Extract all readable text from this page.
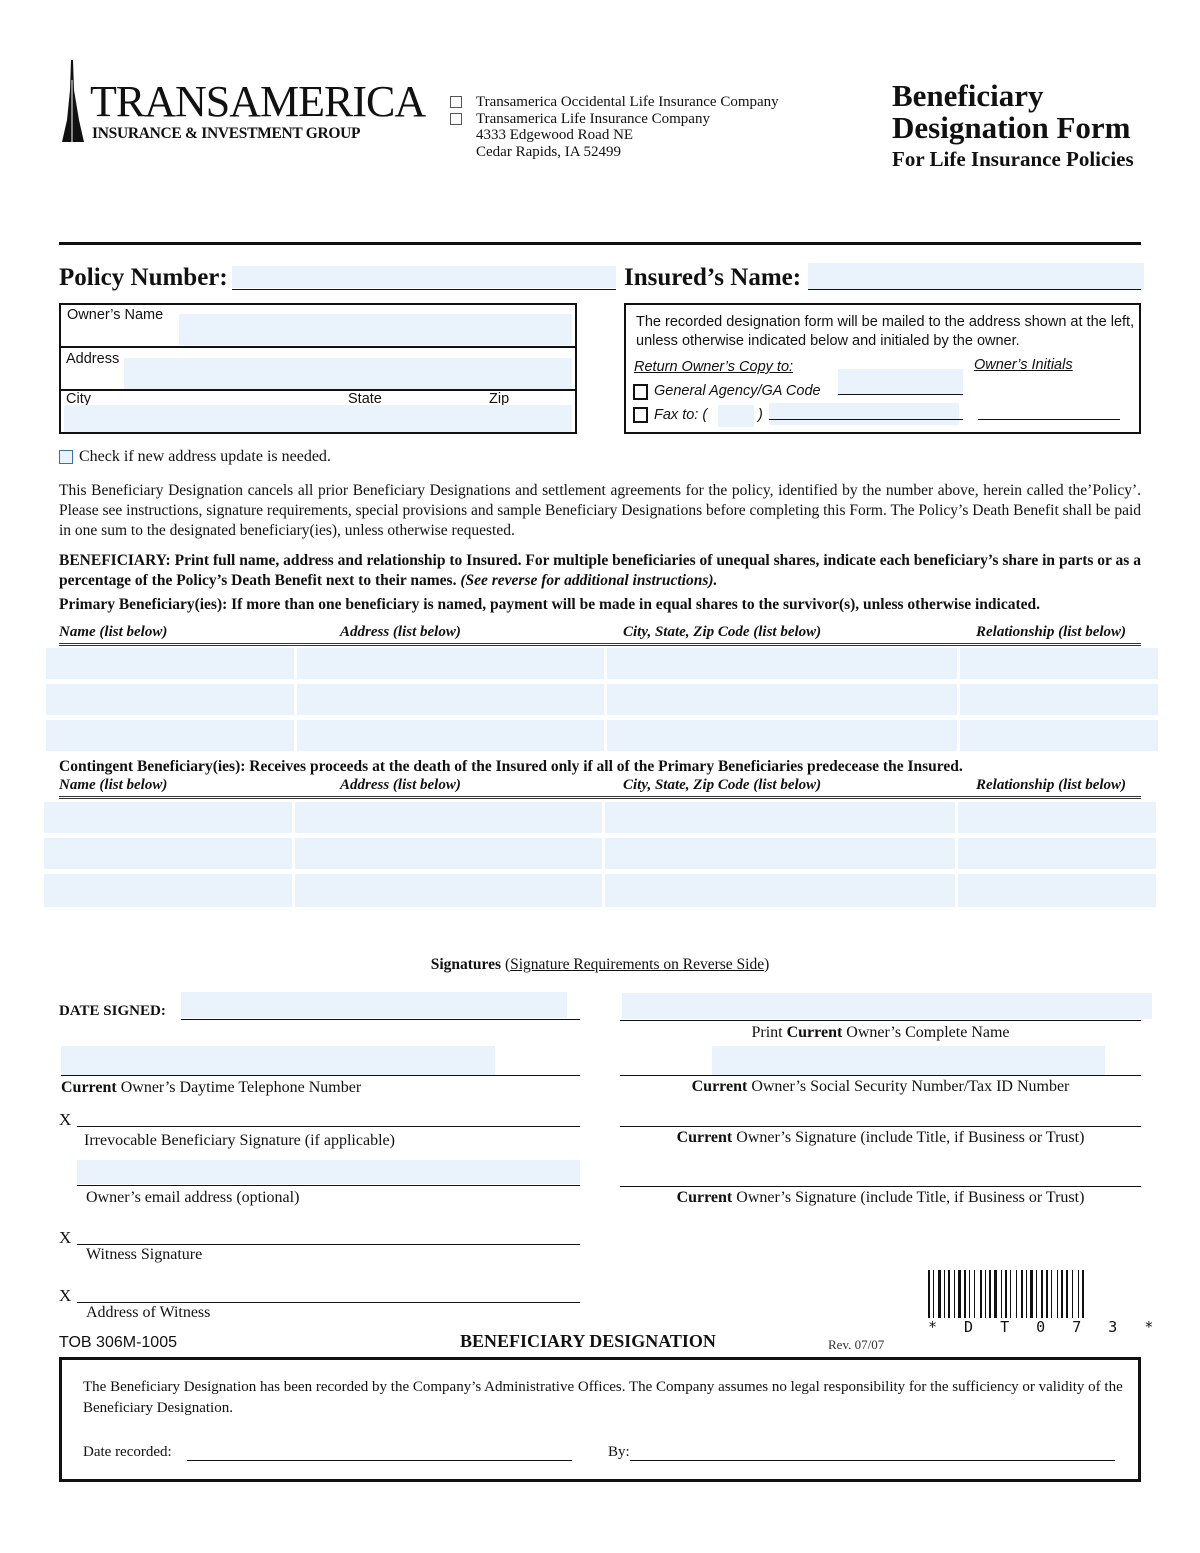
TRANSAMERICA
INSURANCE & INVESTMENT GROUP
Transamerica Occidental Life Insurance Company
Transamerica Life Insurance Company
4333 Edgewood Road NE
Cedar Rapids, IA 52499
Beneficiary
Designation Form
For Life Insurance Policies
Policy Number:	Insured’s Name:
Owner’s Name
Address
City	State	Zip
The recorded designation form will be mailed to the address shown at the left, unless otherwise indicated below and initialed by the owner.
Return Owner’s Copy to:	Owner’s Initials
General Agency/GA Code
Fax to: (	)
Check if new address update is needed.
This Beneficiary Designation cancels all prior Beneficiary Designations and settlement agreements for the policy, identified by the number above, herein called the’Policy’. Please see instructions, signature requirements, special provisions and sample Beneficiary Designations before completing this Form. The Policy’s Death Benefit shall be paid in one sum to the designated beneficiary(ies), unless otherwise requested.
BENEFICIARY: Print full name, address and relationship to Insured. For multiple beneficiaries of unequal shares, indicate each beneficiary’s share in parts or as a percentage of the Policy’s Death Benefit next to their names. (See reverse for additional instructions).
Primary Beneficiary(ies): If more than one beneficiary is named, payment will be made in equal shares to the survivor(s), unless otherwise indicated.
Name (list below)	Address (list below)	City, State, Zip Code (list below)	Relationship (list below)
Contingent Beneficiary(ies): Receives proceeds at the death of the Insured only if all of the Primary Beneficiaries predecease the Insured.
Name (list below)	Address (list below)	City, State, Zip Code (list below)	Relationship (list below)
Signatures (Signature Requirements on Reverse Side)
DATE SIGNED:
Print Current Owner’s Complete Name
Current Owner’s Daytime Telephone Number	Current Owner’s Social Security Number/Tax ID Number
X
Irrevocable Beneficiary Signature (if applicable)	Current Owner’s Signature (include Title, if Business or Trust)
Owner’s email address (optional)	Current Owner’s Signature (include Title, if Business or Trust)
X
Witness Signature
X
Address of Witness
* D T 0 7 3 *
TOB 306M-1005	BENEFICIARY DESIGNATION	Rev. 07/07
The Beneficiary Designation has been recorded by the Company’s Administrative Offices. The Company assumes no legal responsibility for the sufficiency or validity of the Beneficiary Designation.
Date recorded:	By:
